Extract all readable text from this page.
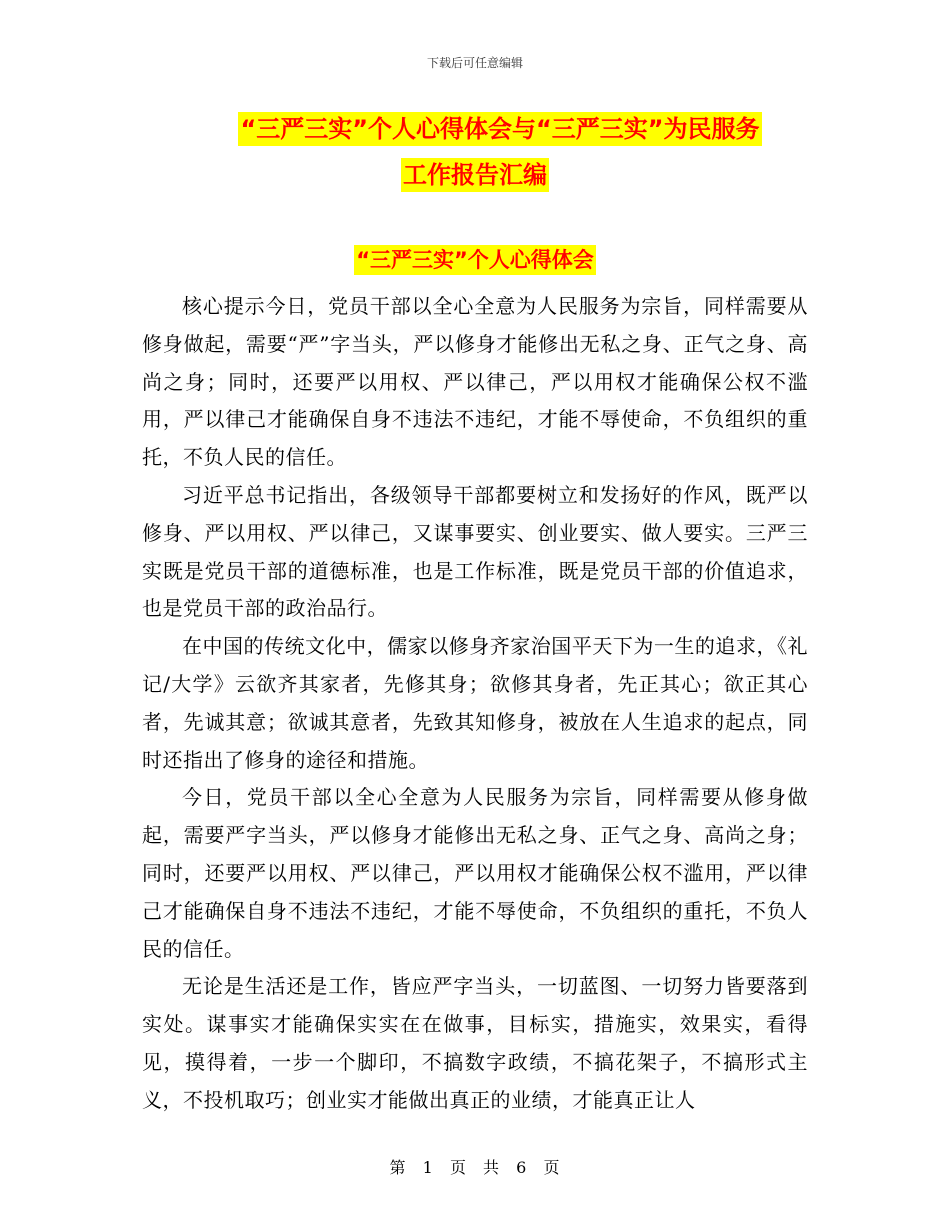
下载后可任意编辑
“三严三实”个人心得体会与“三严三实”为民服务
工作报告汇编
“三严三实”个人心得体会

核心提示今日，党员干部以全心全意为人民服务为宗旨，同样需要从修身做起，需要“严”字当头，严以修身才能修出无私之身、正气之身、高尚之身；同时，还要严以用权、严以律己，严以用权才能确保公权不滥用，严以律己才能确保自身不违法不违纪，才能不辱使命，不负组织的重托，不负人民的信任。

习近平总书记指出，各级领导干部都要树立和发扬好的作风，既严以修身、严以用权、严以律己，又谋事要实、创业要实、做人要实。三严三实既是党员干部的道德标准，也是工作标准，既是党员干部的价值追求，也是党员干部的政治品行。

在中国的传统文化中，儒家以修身齐家治国平天下为一生的追求，《礼记/大学》云欲齐其家者，先修其身；欲修其身者，先正其心；欲正其心者，先诚其意；欲诚其意者，先致其知修身，被放在人生追求的起点，同时还指出了修身的途径和措施。

今日，党员干部以全心全意为人民服务为宗旨，同样需要从修身做起，需要严字当头，严以修身才能修出无私之身、正气之身、高尚之身；同时，还要严以用权、严以律己，严以用权才能确保公权不滥用，严以律己才能确保自身不违法不违纪，才能不辱使命，不负组织的重托，不负人民的信任。

无论是生活还是工作，皆应严字当头，一切蓝图、一切努力皆要落到实处。谋事实才能确保实实在在做事，目标实，措施实，效果实，看得见，摸得着，一步一个脚印，不搞数字政绩，不搞花架子，不搞形式主义，不投机取巧；创业实才能做出真正的业绩，才能真正让人

第 1 页 共 6 页
